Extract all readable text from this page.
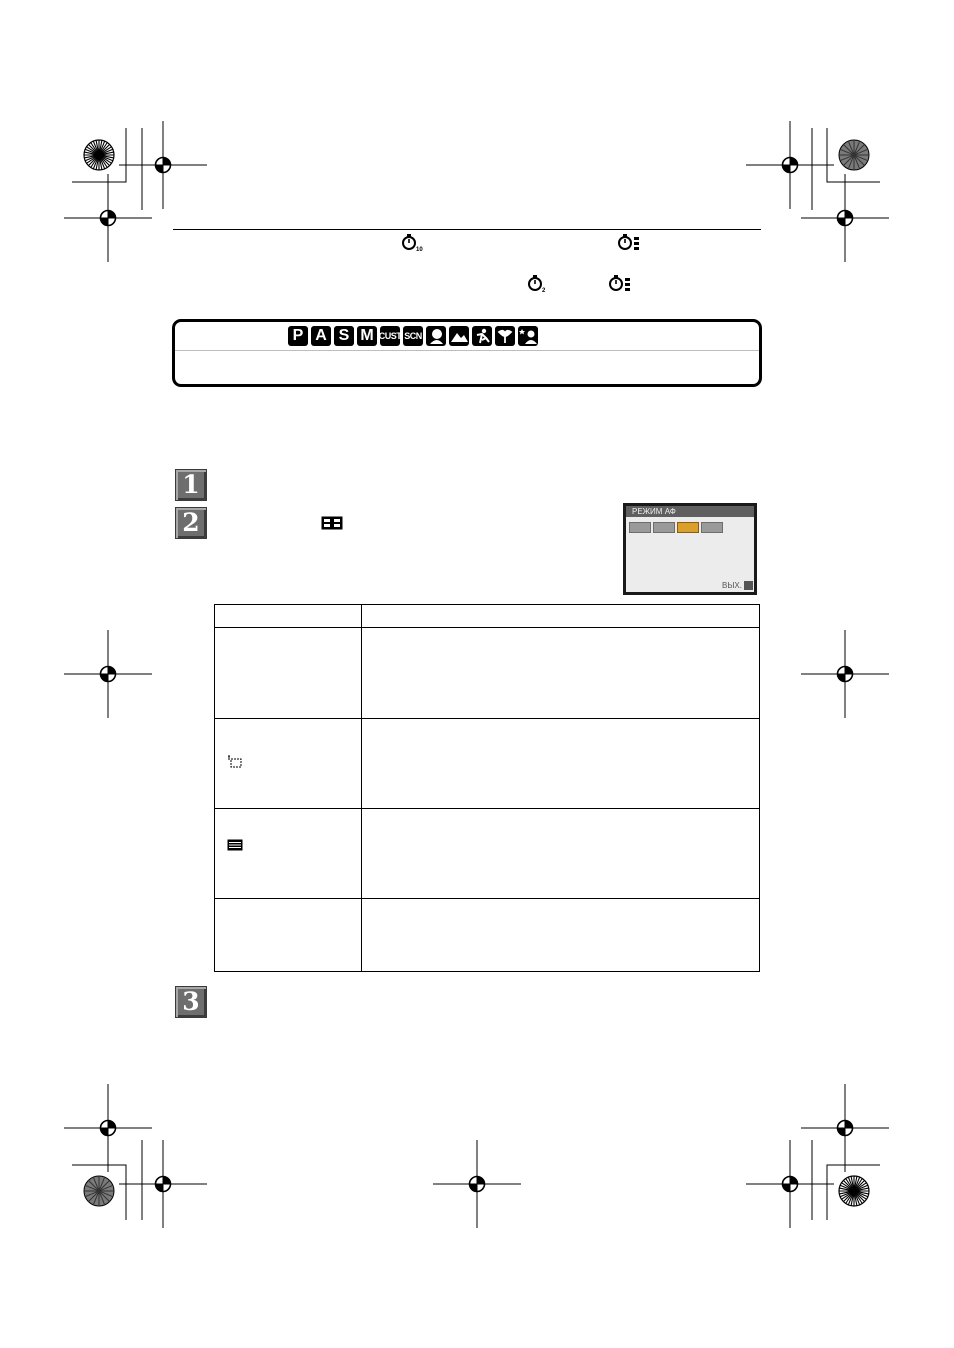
10
2
P A S M CUST SCN
1
2
3
РЕЖИМ АФ
ВЫХ.
